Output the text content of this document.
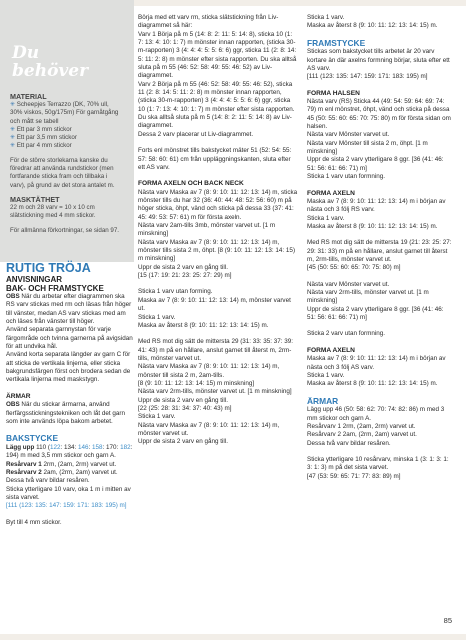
Du behöver
MATERIAL
✳ Scheepjes Terrazzo (DK, 70% ull, 30% viskos, 50g/175m) För garnåtgång och mått se tabell
✳ Ett par 3 mm stickor
✳ Ett par 3,5 mm stickor
✳ Ett par 4 mm stickor

För de större storlekarna kanske du föredrar att använda rundstickor (men fortfarande sticka fram och tillbaka i varv), på grund av det stora antalet m.

MASKTÄTHET

22 m och 28 varv = 10 x 10 cm slätstickning med 4 mm stickor.

För allmänna förkortningar, se sidan 97.

RUTIG TRÖJA

ANVISNINGAR

BAK- OCH FRAMSTYCKE

OBS När du arbetar efter diagrammen ska RS varv stickas med rm och läsas från höger till vänster, medan AS varv stickas med am och läses från vänster till höger.

Använd separata garnnystan för varje färgområde och tvinna garnerna på avigsidan för att undvika hål.

Använd korta separata längder av garn C för att sticka de vertikala linjerna, eller sticka bakgrundsfärgen först och brodera sedan de vertikala linjerna med maskstygn.

ÄRMAR

OBS När du stickar ärmarna, använd flerfärgsstickningstekniken och låt det garn som inte används löpa bakom arbetet.

BAKSTYCKE

Lägg upp 110 (122: 134: 146: 158: 170: 182: 194) m med 3,5 mm stickor och garn A.

Resårvarv 1 2rm, (2am, 2rm) varvet ut.

Resårvarv 2 2am, (2rm, 2am) varvet ut.

Dessa två varv bildar resåren.

Sticka ytterligare 10 varv, oka 1 m i mitten av sista varvet.

[111 (123: 135: 147: 159: 171: 183: 195) m]

Byt till 4 mm stickor.

Börja med ett varv rm, sticka slätstickning från Liv-diagrammet så här:

Varv 1 Börja på m 5 (14: 8: 2: 11: 5: 14: 8), sticka 10 (1: 7: 13: 4: 10: 1: 7) m mönster innan rapporten, (sticka 30-m-rapporten) 3 (4: 4: 4: 5: 5: 6: 6) ggr, sticka 11 (2: 8: 14: 5: 11: 2: 8) m mönster efter sista rapporten. Du ska alltså sluta på m 55 (46: 52: 58: 49: 55: 46: 52) av Liv-diagrammet.

Varv 2 Börja på m 55 (46: 52: 58: 49: 55: 46: 52), sticka 11 (2: 8: 14: 5: 11: 2: 8) m mönster innan rapporten, (sticka 30-m-rapporten) 3 (4: 4: 4: 5: 5: 6: 6) ggr, sticka 10 (1: 7: 13: 4: 10: 1: 7) m mönster efter sista rapporten. Du ska alltså sluta på m 5 (14: 8: 2: 11: 5: 14: 8) av Liv-diagrammet.

Dessa 2 varv placerar ut Liv-diagrammet.

Forts enl mönstret tills bakstycket mäter 51 (52: 54: 55: 57: 58: 60: 61) cm från uppläggningskanten, sluta efter ett AS varv.

FORMA AXELN OCH BACK NECK

Nästa varv Maska av 7 (8: 9: 10: 11: 12: 13: 14) m, sticka mönster tills du har 32 (36: 40: 44: 48: 52: 56: 60) m på höger sticka, öhpt, vänd och sticka på dessa 33 (37: 41: 45: 49: 53: 57: 61) m för första axeln.

Nästa varv 2am-tills 3mb, mönster varvet ut. [1 m minskning]

Nästa varv Maska av 7 (8: 9: 10: 11: 12: 13: 14) m, mönster tills sista 2 m, öhpt. [8 (9: 10: 11: 12: 13: 14: 15) m minskning]

Uppr de sista 2 varv en gång till.

[15 (17: 19: 21: 23: 25: 27: 29) m]

Sticka 1 varv utan forming.

Maska av 7 (8: 9: 10: 11: 12: 13: 14) m, mönster varvet ut.

Sticka 1 varv.

Maska av återst 8 (9: 10: 11: 12: 13: 14: 15) m.

Med RS mot dig sätt de mittersta 29 (31: 33: 35: 37: 39: 41: 43) m på en hållare, anslut garnet till återst m, 2rm-tills, mönster varvet ut.

Nästa varv Maska av 7 (8: 9: 10: 11: 12: 13: 14) m, mönster till sista 2 m, 2am-tills.

[8 (9: 10: 11: 12: 13: 14: 15) m minskning]

Nästa varv 2rm-tills, mönster varvet ut. [1 m minskning]

Uppr de sista 2 varv en gång till.

[22 (25: 28: 31: 34: 37: 40: 43) m]

Sticka 1 varv.

Nästa varv Maska av 7 (8: 9: 10: 11: 12: 13: 14) m, mönster varvet ut.

Uppr de sista 2 varv en gång till.

Sticka 1 varv.

Maska av återst 8 (9: 10: 11: 12: 13: 14: 15) m.

FRAMSTYCKE

Stickas som bakstycket tills arbetet är 20 varv kortare än där axelns formning börjar, sluta efter ett AS varv.

[111 (123: 135: 147: 159: 171: 183: 195) m]

FORMA HALSEN

Nästa varv (RS) Sticka 44 (49: 54: 59: 64: 69: 74: 79) m enl mönstret, öhpt, vänd och sticka på dessa 45 (50: 55: 60: 65: 70: 75: 80) m för första sidan om halsen.

Nästa varv Mönster varvet ut.

Nästa varv Mönster till sista 2 m, öhpt. [1 m minskning]

Uppr de sista 2 varv ytterligare 8 ggr. [36 (41: 46: 51: 56: 61: 66: 71) m]

Sticka 1 varv utan formning.

FORMA AXELN

Maska av 7 (8: 9: 10: 11: 12: 13: 14) m i början av nästa och 3 följ RS varv.

Sticka 1 varv.

Maska av återst 8 (9: 10: 11: 12: 13: 14: 15) m.

Med RS mot dig sätt de mittersta 19 (21: 23: 25: 27: 29: 31: 33) m på en hållare, anslut garnet till återst m, 2rm-tills, mönster varvet ut.

[45 (50: 55: 60: 65: 70: 75: 80) m]

Nästa varv Mönster varvet ut.

Nästa varv 2rm-tills, mönster varvet ut. [1 m minskning]

Uppr de sista 2 varv ytterligare 8 ggr. [36 (41: 46: 51: 56: 61: 66: 71) m]

Sticka 2 varv utan formning.

FORMA AXELN

Maska av 7 (8: 9: 10: 11: 12: 13: 14) m i början av nästa och 3 följ AS varv.

Sticka 1 varv.

Maska av återst 8 (9: 10: 11: 12: 13: 14: 15) m.

ÄRMAR

Lägg upp 46 (50: 58: 62: 70: 74: 82: 86) m med 3 mm stickor och garn A.

Resårvarv 1 2rm, (2am, 2rm) varvet ut.

Resårvarv 2 2am, (2rm, 2am) varvet ut.

Dessa två varv bildar resåren.

Sticka ytterligare 10 resårvarv, minska 1 (3: 1: 3: 1: 3: 1: 3) m på det sista varvet.

[47 (53: 59: 65: 71: 77: 83: 89) m]

85
